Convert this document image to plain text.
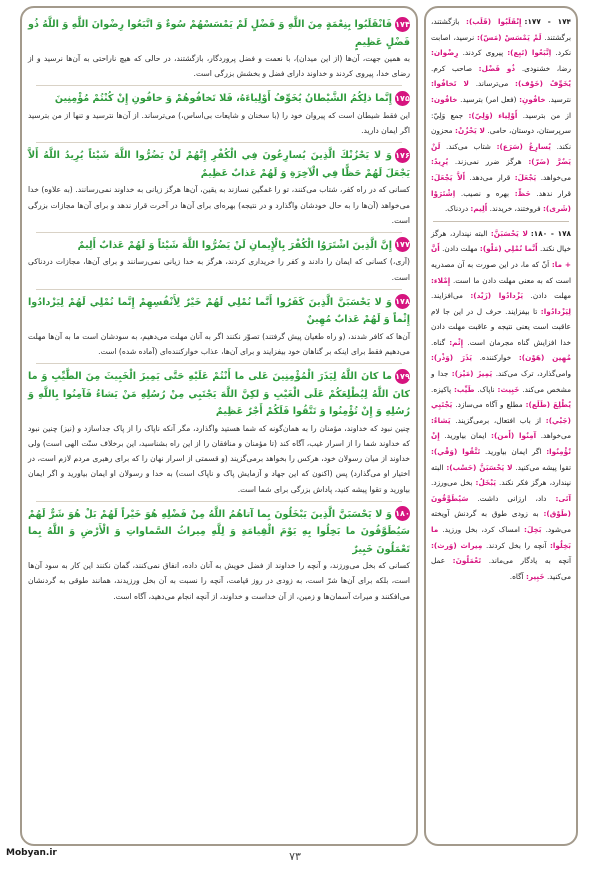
۱۷۴فَانْقَلَبُوا بِنِعْمَةٍ مِنَ اللَّهِ وَ فَضْلٍ لَمْ يَمْسَسْهُمْ سُوءٌ وَ اتَّبَعُوا رِضْوانَ اللَّهِ وَ اللَّهُ ذُو فَضْلٍ عَظِيمٍ
به همین جهت، آن‌ها (از این میدان)، با نعمت و فضل پروردگار، بازگشتند، در حالی که هیچ ناراحتی به آن‌ها نرسید و از رضای خدا، پیروی کردند و خداوند دارای فضل و بخشش بزرگی است.
۱۷۵إِنَّما ذلِكُمُ الشَّيْطانُ يُخَوِّفُ أَوْلِياءَهُ، فَلا تَخافُوهُمْ وَ خافُونِ إِنْ كُنْتُمْ مُؤْمِنِينَ
این فقط شیطان است که پیروان خود را (با سخنان و شایعات بی‌اساس،) می‌ترساند. از آن‌ها نترسید و تنها از من بترسید اگر ایمان دارید.
۱۷۶وَ لا يَحْزُنْكَ الَّذِينَ يُسارِعُونَ فِي الْكُفْرِ إِنَّهُمْ لَنْ يَضُرُّوا اللَّهَ شَيْئاً يُرِيدُ اللَّهُ أَلاَّ يَجْعَلَ لَهُمْ حَظًّا فِي الْآخِرَةِ وَ لَهُمْ عَذابٌ عَظِيمٌ
کسانی که در راه کفر، شتاب می‌کنند، تو را غمگین نسازند به یقین، آن‌ها هرگز زیانی به خداوند نمی‌رسانند. (به علاوه) خدا می‌خواهد (آن‌ها را به حال خودشان واگذارد و در نتیجه) بهره‌ای برای آن‌ها در آخرت قرار ندهد و برای آن‌ها مجازات بزرگی است.
۱۷۷إِنَّ الَّذِينَ اشْتَرَوُا الْكُفْرَ بِالْإِيمانِ لَنْ يَضُرُّوا اللَّهَ شَيْئاً وَ لَهُمْ عَذابٌ أَلِيمٌ
(آری،) کسانی که ایمان را دادند و کفر را خریداری کردند، هرگز به خدا زیانی نمی‌رسانند و برای آن‌ها، مجازات دردناکی است.
۱۷۸وَ لا يَحْسَبَنَّ الَّذِينَ كَفَرُوا أَنَّما نُمْلِي لَهُمْ خَيْرٌ لِأَنْفُسِهِمْ إِنَّما نُمْلِي لَهُمْ لِيَزْدادُوا إِثْماً وَ لَهُمْ عَذابٌ مُهِينٌ
آن‌ها که کافر شدند، (و راه طغیان پیش گرفتند) تصوّر نکنند اگر به آنان مهلت می‌دهیم، به سودشان است ما به آن‌ها مهلت می‌دهیم فقط برای اینکه بر گناهان خود بیفزایند و برای آن‌ها، عذاب خوارکننده‌ای (آماده شده) است.
۱۷۹ما كانَ اللَّهُ لِيَذَرَ الْمُؤْمِنِينَ عَلى ما أَنْتُمْ عَلَيْهِ حَتَّى يَمِيزَ الْخَبِيثَ مِنَ الطَّيِّبِ وَ ما كانَ اللَّهُ لِيُطْلِعَكُمْ عَلَى الْغَيْبِ وَ لكِنَّ اللَّهَ يَجْتَبِي مِنْ رُسُلِهِ مَنْ يَشاءُ فَآمِنُوا بِاللَّهِ وَ رُسُلِهِ وَ إِنْ تُؤْمِنُوا وَ تَتَّقُوا فَلَكُمْ أَجْرٌ عَظِيمٌ
چنین نبود که خداوند، مؤمنان را به همان‌گونه که شما هستید واگذارد، مگر آنکه ناپاک را از پاک جداسازد و (نیز) چنین نبود که خداوند شما را از اسرار غیب، آگاه کند (تا مؤمنان و منافقان را از این راه بشناسید، این برخلاف سنّت الهی است) ولی خداوند از میان رسولان خود، هرکس را بخواهد برمی‌گزیند (و قسمتی از اسرار نهان را که برای رهبری مردم لازم است، در اختیار او می‌گذارد) پس (اکنون که این جهاد و آزمایش پاک و ناپاک است) به خدا و رسولان او ایمان بیاورید و اگر ایمان بیاورید و تقوا پیشه کنید، پاداش بزرگی برای شما است.
۱۸۰وَ لا يَحْسَبَنَّ الَّذِينَ يَبْخَلُونَ بِما آتاهُمُ اللَّهُ مِنْ فَضْلِهِ هُوَ خَيْراً لَهُمْ بَلْ هُوَ شَرٌّ لَهُمْ سَيُطَوَّقُونَ ما بَخِلُوا بِهِ يَوْمَ الْقِيامَةِ وَ لِلَّهِ مِيراثُ السَّماواتِ وَ الْأَرْضِ وَ اللَّهُ بِما تَعْمَلُونَ خَبِيرٌ
کسانی که بخل می‌ورزند، و آنچه را خداوند از فضل خویش به آنان داده، انفاق نمی‌کنند، گمان نکنند این کار به سود آن‌ها است، بلکه برای آن‌ها شرّ است، به زودی در روز قیامت، آنچه را نسبت به آن بخل ورزیدند، همانند طوقی به گردنشان می‌افکنند و میراث آسمان‌ها و زمین، از آن خداست و خداوند، از آنچه انجام می‌دهید، آگاه است.
۱۷۴ - ۱۷۷:إِنْقَلَبُوا (قَلَب): بازگشتند، برگشتند. لَمْ يَمْسَسْ (مَسّ): نرسید، اصابت نکرد. اِتَّبَعُوا (تَبِع): پیروی کردند. رِضْوان: رضا، خشنودی. ذُو فَضْل: صاحب کرم. يُخَوِّفُ (خَوْف): می‌ترساند. لا تَخافُوا: نترسید. خافُونِ: (فعل امر) بترسید. خافُون: از من بترسید. أَوْلِياء (وَلِيّ): جمع وَلِيّ: سرپرستان، دوستان، حامی. لا يَحْزُنْ: محزون نکند. يُسارِعُ (سَرَع): شتاب می‌کند. لَنْ يَضُرَّ (ضَرّ): هرگز ضرر نمی‌زند. يُرِيدُ: می‌خواهد. يَجْعَلَ: قرار می‌دهد. أَلاَّ يَجْعَلَ: قرار ندهد. حَظّ: بهره و نصیب. اِشْتَرَوْا (شَرى): فروختند، خریدند. أَلِيم: دردناک.
۱۷۸ - ۱۸۰:لا يَحْسَبَنَّ: البته نپندارد، هرگز خیال نکند. أَنَّما نُمْلِي (مَلْو): مهلت دادن. أَنَّ + ما: اَنّ که ما، در این صورت به آن مصدریه است که به معنی مهلت دادن ما است. إِمْلاء: مهلت دادن. يَزْدادُوا (زَيْد): می‌افزایند. لِيَزْدادُوا: تا بیفزایند. حرف ل در این جا لام عاقبت است یعنی نتیجه و عاقبت مهلت دادن خدا افزایش گناه مجرمان است. إِثْم: گناه. مُهِين (هَوْن): خوارکننده. يَذَرَ (وَذْر): وامی‌گذارد، ترک می‌کند. يَمِيزَ (مَيْز): جدا و مشخص می‌کند. خَبِيث: ناپاک. طَيِّب: پاکیزه. يُطْلِعَ (طَلَع): مطلع و آگاه می‌سازد. يَجْتَبِي (جَبْي): از باب افتعال، برمی‌گزیند. يَشاءُ: می‌خواهد. آمِنُوا (أَمن): ایمان بیاورید. إِنْ تُؤْمِنُوا: اگر ایمان بیاورید. تَتَّقُوا (وَقْي): تقوا پیشه می‌کنید. لا يَحْسَبَنَّ (حَسْب): البته نپندارد، هرگز فکر نکند. يَبْخَلُ: بخل می‌ورزد. آتَى: داد، ارزانی داشت. سَيُطَوَّقُونَ (طَوْق): به زودی طوق به گردنش آویخته می‌شود. بَخِلَ: امساک کرد، بخل ورزید. ما بَخِلُوا: آنچه را بخل کردند. مِيراث (وَرث): آنچه به یادگار می‌ماند. تَعْمَلُونَ: عمل می‌کنید. خَبِير: آگاه.
Mobyan.ir	۷۳
